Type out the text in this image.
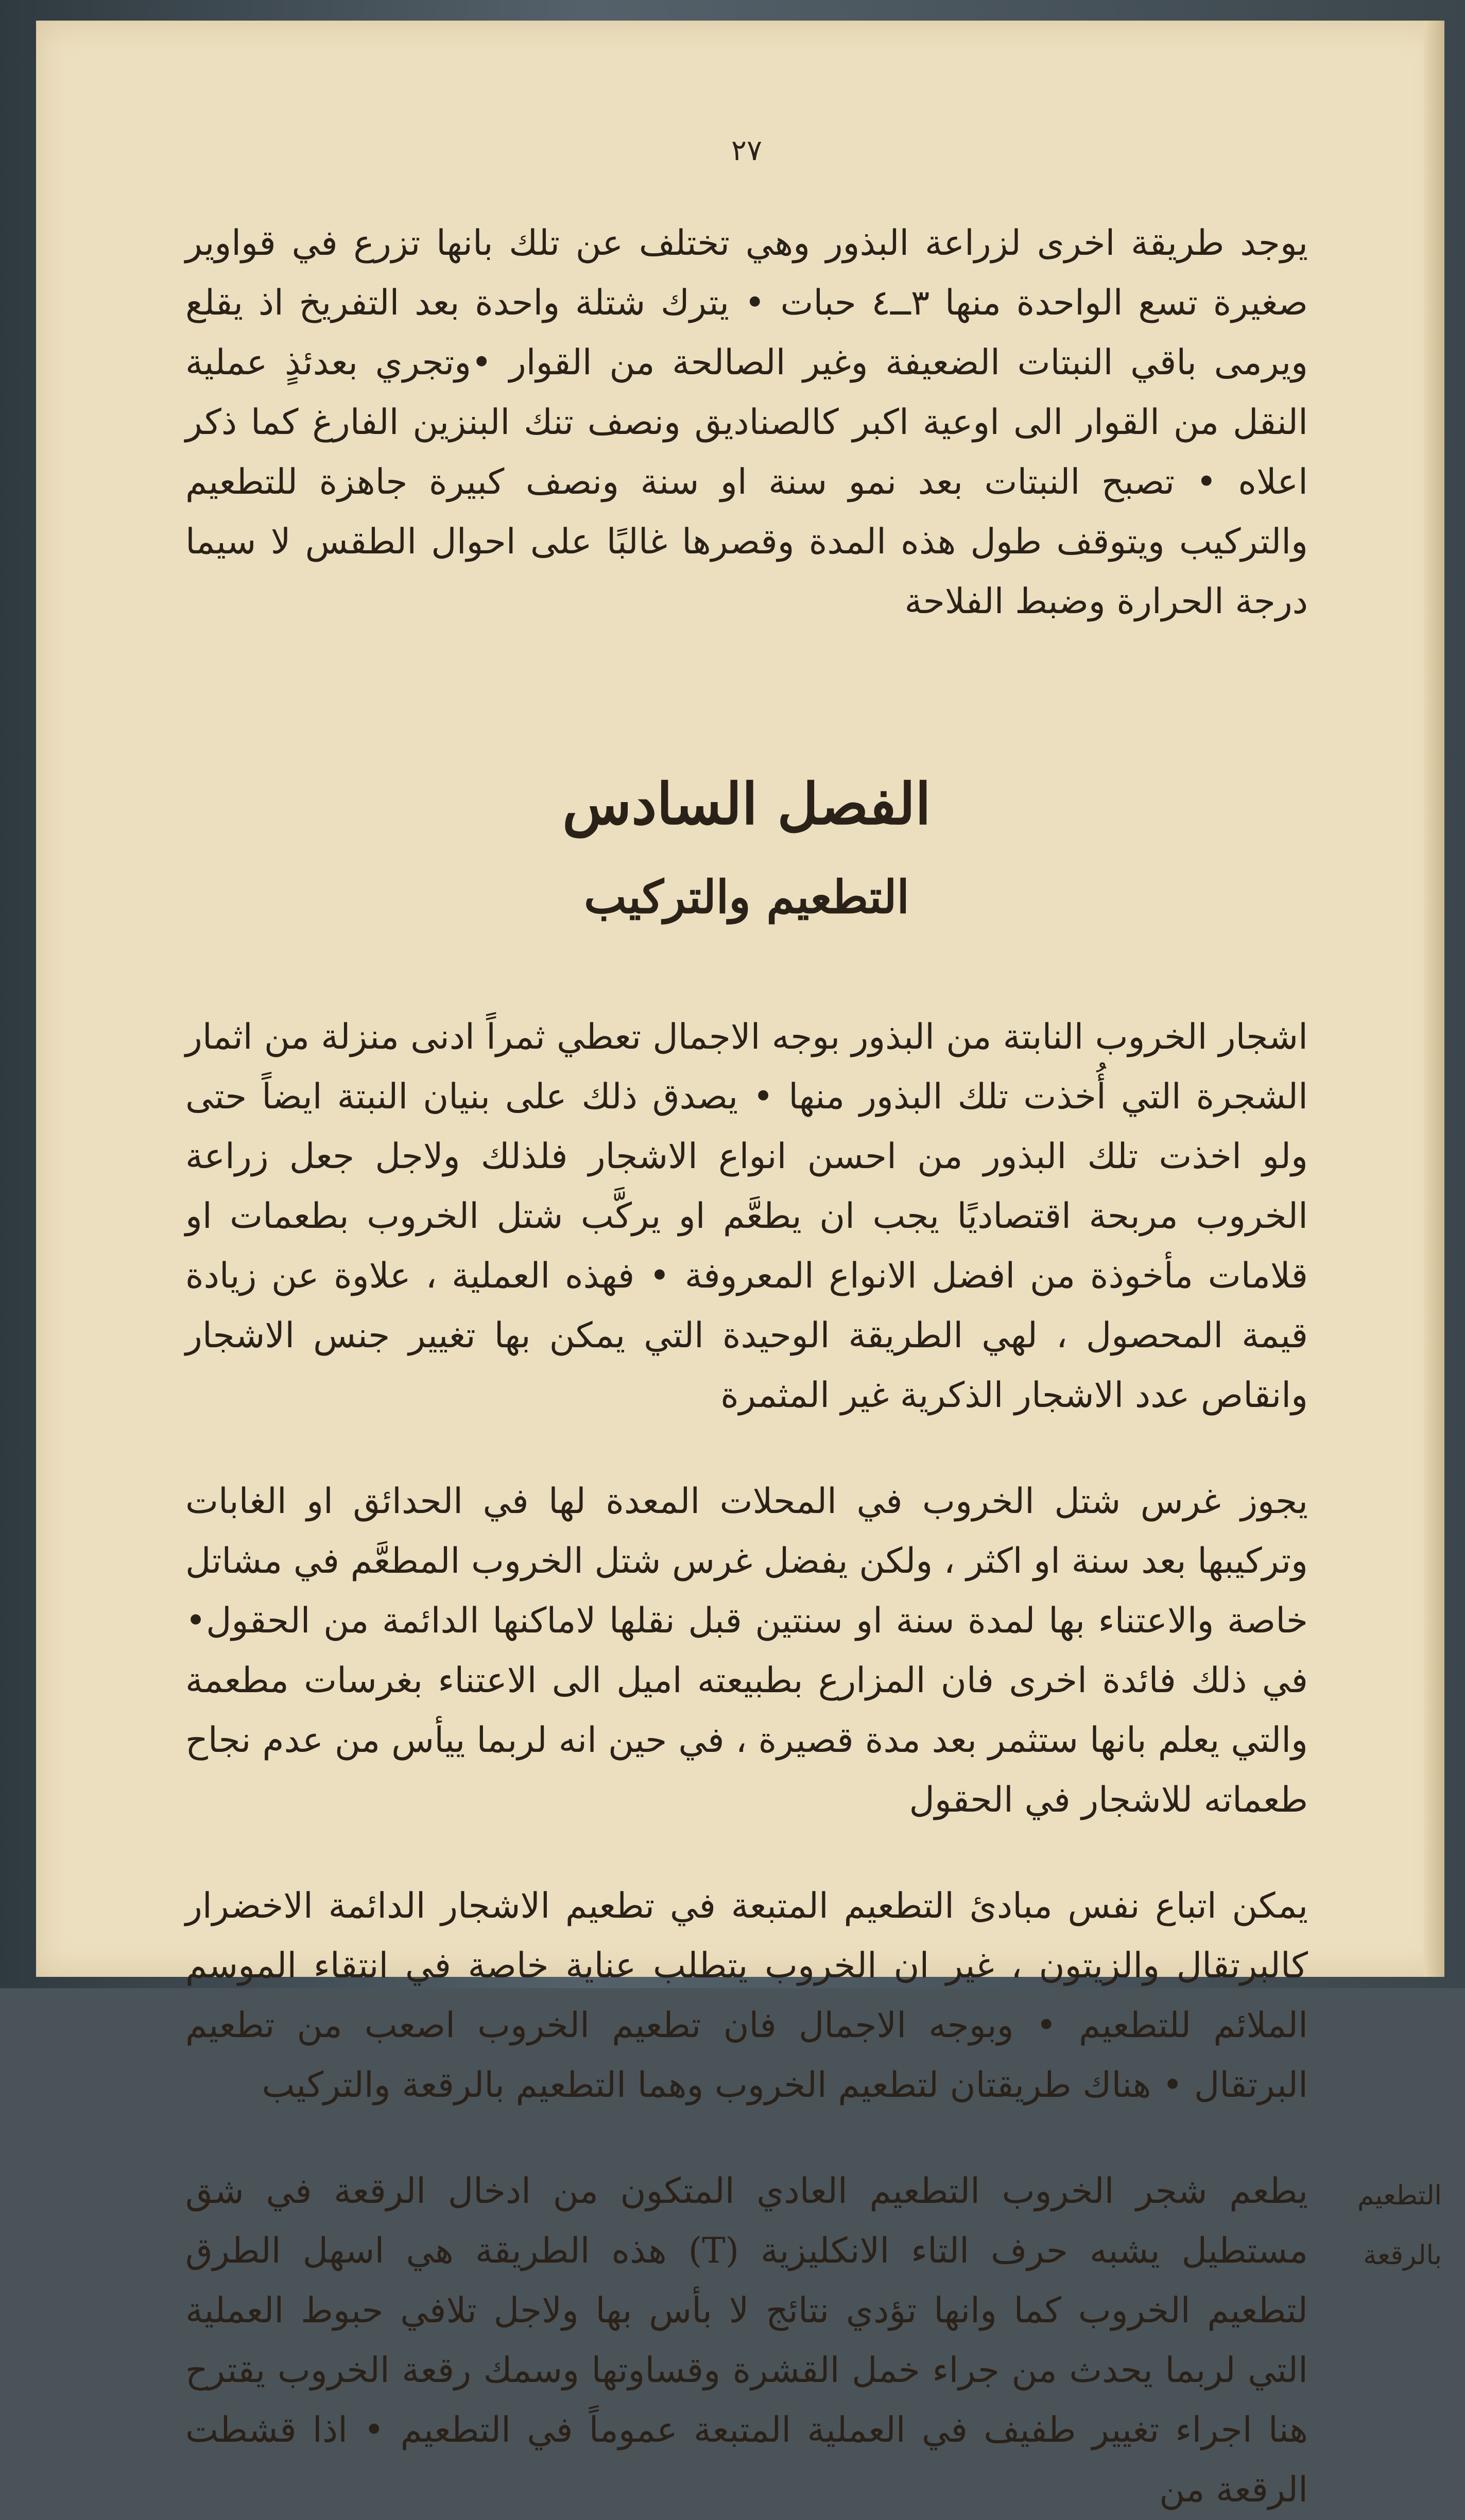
٢٧

يوجد طريقة اخرى لزراعة البذور وهي تختلف عن تلك بانها تزرع في قواوير صغيرة تسع الواحدة منها ٣ــ٤ حبات • يترك شتلة واحدة بعد التفريخ اذ يقلع ويرمى باقي النبتات الضعيفة وغير الصالحة من القوار •وتجري بعدئذٍ عملية النقل من القوار الى اوعية اكبر كالصناديق ونصف تنك البنزين الفارغ كما ذكر اعلاه • تصبح النبتات بعد نمو سنة او سنة ونصف كبيرة جاهزة للتطعيم والتركيب ويتوقف طول هذه المدة وقصرها غالبًا على احوال الطقس لا سيما درجة الحرارة وضبط الفلاحة

الفصل السادس
التطعيم والتركيب

اشجار الخروب النابتة من البذور بوجه الاجمال تعطي ثمراً ادنى منزلة من اثمار الشجرة التي أُخذت تلك البذور منها • يصدق ذلك على بنيان النبتة ايضاً حتى ولو اخذت تلك البذور من احسن انواع الاشجار فلذلك ولاجل جعل زراعة الخروب مربحة اقتصاديًا يجب ان يطعَّم او يركَّب شتل الخروب بطعمات او قلامات مأخوذة من افضل الانواع المعروفة • فهذه العملية ، علاوة عن زيادة قيمة المحصول ، لهي الطريقة الوحيدة التي يمكن بها تغيير جنس الاشجار وانقاص عدد الاشجار الذكرية غير المثمرة

يجوز غرس شتل الخروب في المحلات المعدة لها في الحدائق او الغابات وتركيبها بعد سنة او اكثر ، ولكن يفضل غرس شتل الخروب المطعَّم في مشاتل خاصة والاعتناء بها لمدة سنة او سنتين قبل نقلها لاماكنها الدائمة من الحقول• في ذلك فائدة اخرى فان المزارع بطبيعته اميل الى الاعتناء بغرسات مطعمة والتي يعلم بانها ستثمر بعد مدة قصيرة ، في حين انه لربما ييأس من عدم نجاح طعماته للاشجار في الحقول

يمكن اتباع نفس مبادئ التطعيم المتبعة في تطعيم الاشجار الدائمة الاخضرار كالبرتقال والزيتون ، غير ان الخروب يتطلب عناية خاصة في انتقاء الموسم الملائم للتطعيم • وبوجه الاجمال فان تطعيم الخروب اصعب من تطعيم البرتقال • هناك طريقتان لتطعيم الخروب وهما التطعيم بالرقعة والتركيب

التطعيم بالرقعة

يطعم شجر الخروب التطعيم العادي المتكون من ادخال الرقعة في شق مستطيل يشبه حرف التاء الانكليزية (T) هذه الطريقة هي اسهل الطرق لتطعيم الخروب كما وانها تؤدي نتائج لا بأس بها ولاجل تلافي حبوط العملية التي لربما يحدث من جراء خمل القشرة وقساوتها وسمك رقعة الخروب يقترح هنا اجراء تغيير طفيف في العملية المتبعة عموماً في التطعيم • اذا قشطت الرقعة من
